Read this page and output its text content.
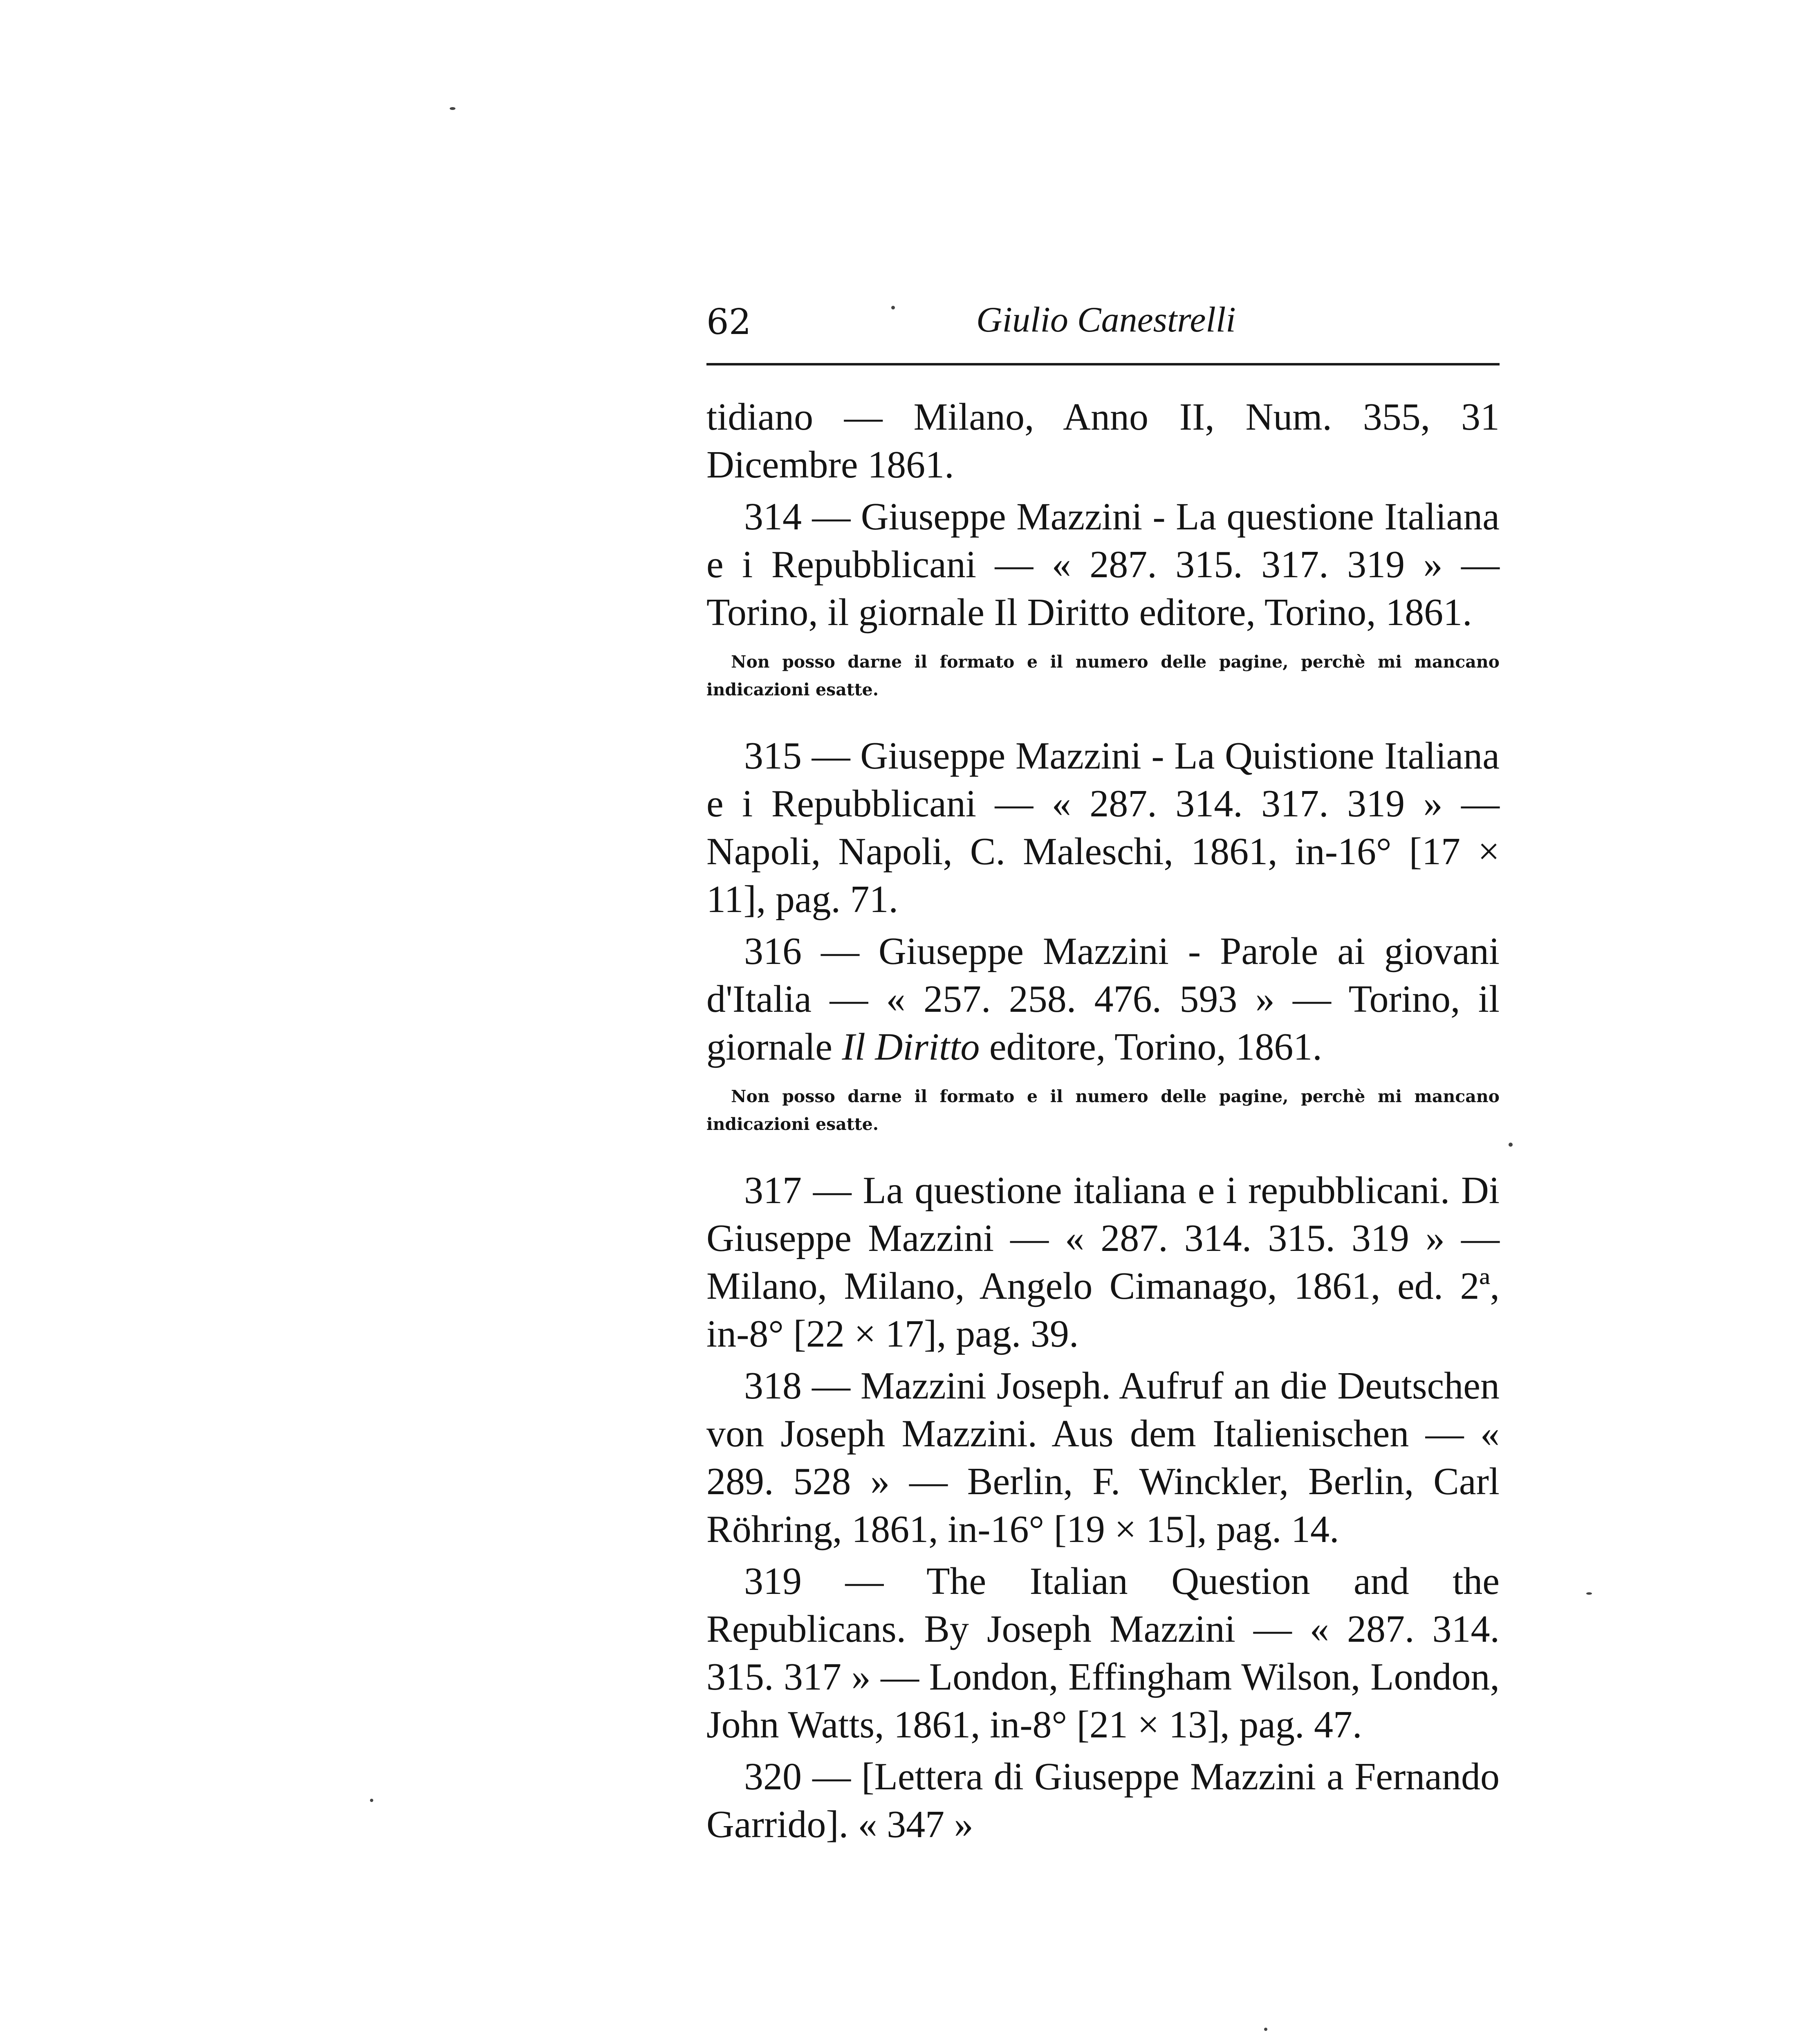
62	Giulio Canestrelli

tidiano — Milano, Anno II, Num. 355, 31 Dicembre 1861.

314 — Giuseppe Mazzini - La questione Italiana e i Repubblicani — « 287. 315. 317. 319 » — Torino, il giornale Il Diritto editore, Torino, 1861.

Non posso darne il formato e il numero delle pagine, perchè mi mancano indicazioni esatte.

315 — Giuseppe Mazzini - La Quistione Italiana e i Repubblicani — « 287. 314. 317. 319 » — Napoli, Napoli, C. Maleschi, 1861, in-16° [17 × 11], pag. 71.

316 — Giuseppe Mazzini - Parole ai giovani d'Italia — « 257. 258. 476. 593 » — Torino, il giornale Il Diritto editore, Torino, 1861.

Non posso darne il formato e il numero delle pagine, perchè mi mancano indicazioni esatte.

317 — La questione italiana e i repubblicani. Di Giuseppe Mazzini — « 287. 314. 315. 319 » — Milano, Milano, Angelo Cimanago, 1861, ed. 2ª, in-8° [22 × 17], pag. 39.

318 — Mazzini Joseph. Aufruf an die Deutschen von Joseph Mazzini. Aus dem Italienischen — « 289. 528 » — Berlin, F. Winckler, Berlin, Carl Röhring, 1861, in-16° [19 × 15], pag. 14.

319 — The Italian Question and the Republicans. By Joseph Mazzini — « 287. 314. 315. 317 » — London, Effingham Wilson, London, John Watts, 1861, in-8° [21 × 13], pag. 47.

320 — [Lettera di Giuseppe Mazzini a Fernando Garrido]. « 347 »
